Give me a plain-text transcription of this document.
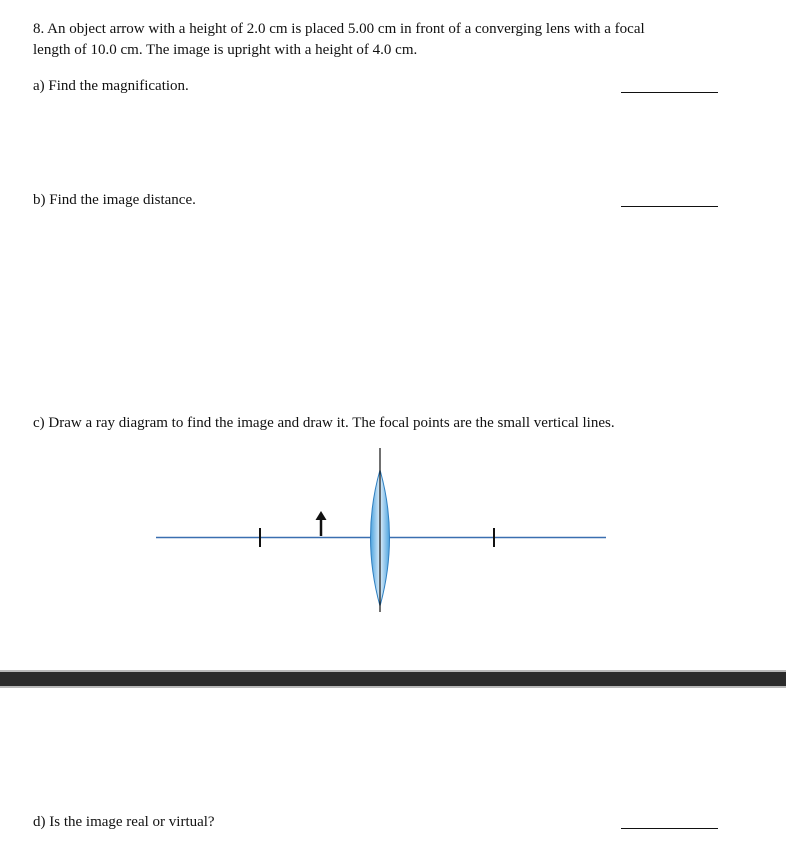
8. An object arrow with a height of 2.0 cm is placed 5.00 cm in front of a converging lens with a focal
length of 10.0 cm. The image is upright with a height of 4.0 cm.
a) Find the magnification.
b) Find the image distance.
c) Draw a ray diagram to find the image and draw it. The focal points are the small vertical lines.
d) Is the image real or virtual?
